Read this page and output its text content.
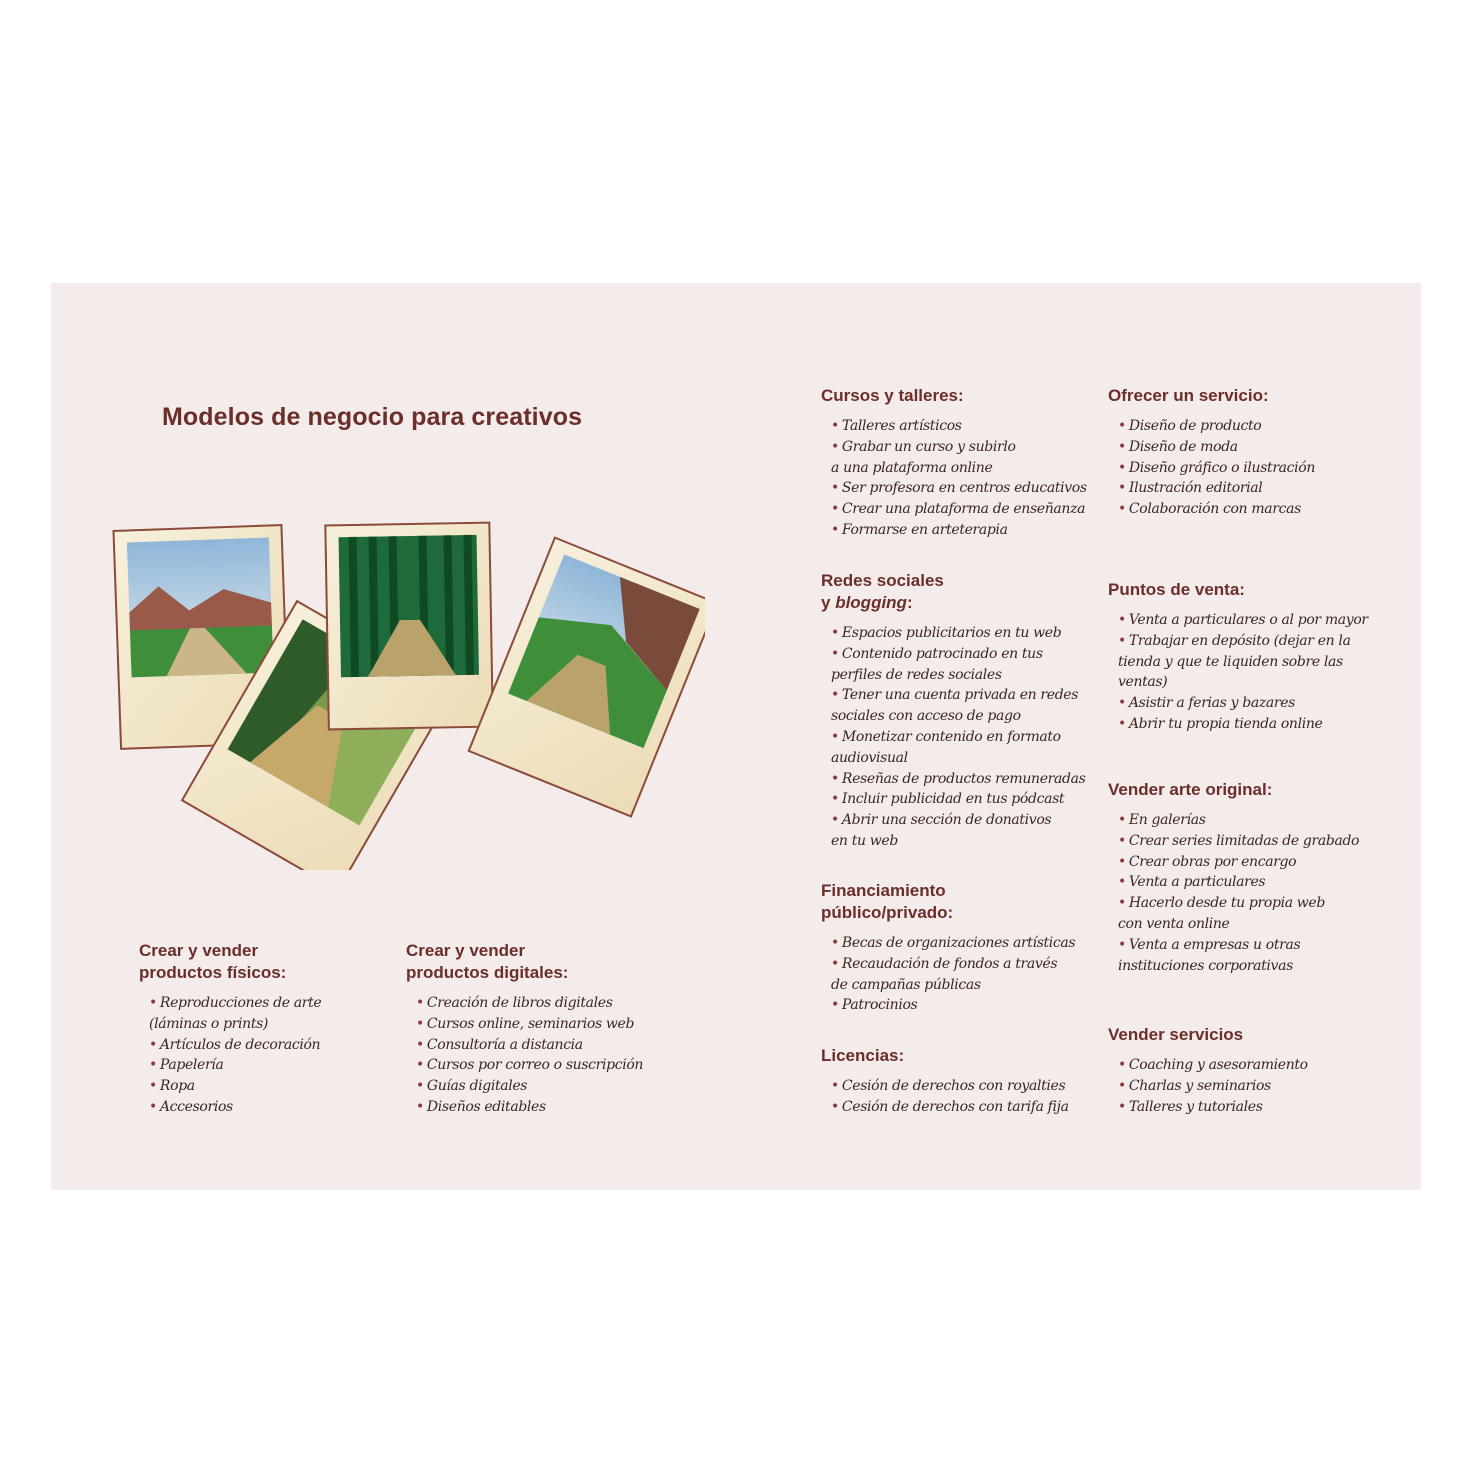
Modelos de negocio para creativos
Crear y vender
productos físicos:
• Reproducciones de arte
(láminas o prints)
• Artículos de decoración
• Papelería
• Ropa
• Accesorios
Crear y vender
productos digitales:
• Creación de libros digitales
• Cursos online, seminarios web
• Consultoría a distancia
• Cursos por correo o suscripción
• Guías digitales
• Diseños editables
Cursos y talleres:
• Talleres artísticos
• Grabar un curso y subirlo
a una plataforma online
• Ser profesora en centros educativos
• Crear una plataforma de enseñanza
• Formarse en arteterapia
Redes sociales
y blogging:
• Espacios publicitarios en tu web
• Contenido patrocinado en tus
perfiles de redes sociales
• Tener una cuenta privada en redes
sociales con acceso de pago
• Monetizar contenido en formato
audiovisual
• Reseñas de productos remuneradas
• Incluir publicidad en tus pódcast
• Abrir una sección de donativos
en tu web
Financiamiento
público/privado:
• Becas de organizaciones artísticas
• Recaudación de fondos a través
de campañas públicas
• Patrocinios
Licencias:
• Cesión de derechos con royalties
• Cesión de derechos con tarifa fija
Ofrecer un servicio:
• Diseño de producto
• Diseño de moda
• Diseño gráfico o ilustración
• Ilustración editorial
• Colaboración con marcas
Puntos de venta:
• Venta a particulares o al por mayor
• Trabajar en depósito (dejar en la
tienda y que te liquiden sobre las
ventas)
• Asistir a ferias y bazares
• Abrir tu propia tienda online
Vender arte original:
• En galerías
• Crear series limitadas de grabado
• Crear obras por encargo
• Venta a particulares
• Hacerlo desde tu propia web
con venta online
• Venta a empresas u otras
instituciones corporativas
Vender servicios
• Coaching y asesoramiento
• Charlas y seminarios
• Talleres y tutoriales
